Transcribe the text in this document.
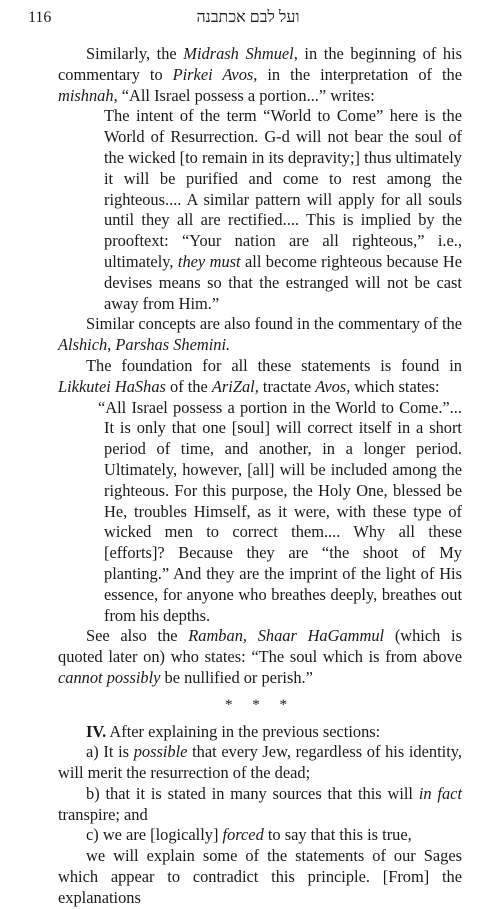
116	ועל לבם אכתבנה

Similarly, the Midrash Shmuel, in the beginning of his commentary to Pirkei Avos, in the interpretation of the mishnah, “All Israel possess a portion...” writes:

The intent of the term “World to Come” here is the World of Resurrection. G-d will not bear the soul of the wicked [to remain in its depravity;] thus ultimately it will be purified and come to rest among the righteous.... A similar pattern will apply for all souls until they all are rectified.... This is implied by the prooftext: “Your nation are all righteous,” i.e., ultimately, they must all become righteous because He devises means so that the estranged will not be cast away from Him.”

Similar concepts are also found in the commentary of the Alshich, Parshas Shemini.

The foundation for all these statements is found in Likkutei HaShas of the AriZal, tractate Avos, which states:

“All Israel possess a portion in the World to Come.”... It is only that one [soul] will correct itself in a short period of time, and another, in a longer period. Ultimately, however, [all] will be included among the righteous. For this purpose, the Holy One, blessed be He, troubles Himself, as it were, with these type of wicked men to correct them.... Why all these [efforts]? Because they are “the shoot of My planting.” And they are the imprint of the light of His essence, for anyone who breathes deeply, breathes out from his depths.

See also the Ramban, Shaar HaGammul (which is quoted later on) who states: “The soul which is from above cannot possibly be nullified or perish.”

* * *

IV. After explaining in the previous sections:

a) It is possible that every Jew, regardless of his identity, will merit the resurrection of the dead;

b) that it is stated in many sources that this will in fact transpire; and

c) we are [logically] forced to say that this is true,

we will explain some of the statements of our Sages which appear to contradict this principle. [From] the explanations
